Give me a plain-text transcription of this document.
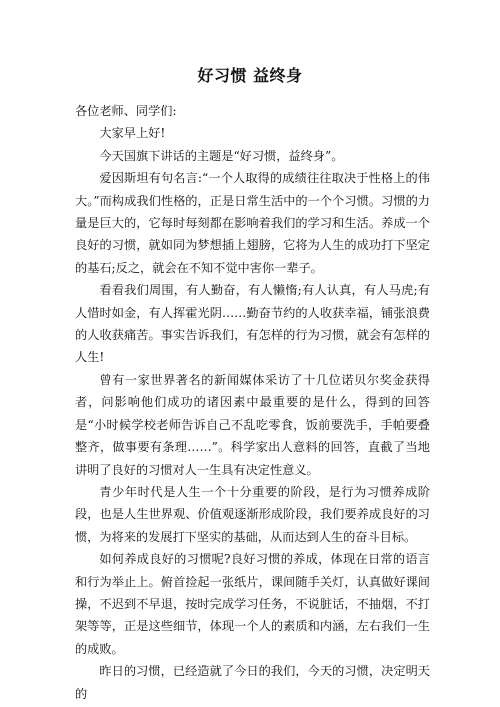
好习惯 益终身

各位老师、同学们:

大家早上好!

今天国旗下讲话的主题是“好习惯，益终身”。

爱因斯坦有句名言:“一个人取得的成绩往往取决于性格上的伟大。”而构成我们性格的，正是日常生活中的一个个习惯。习惯的力量是巨大的，它每时每刻都在影响着我们的学习和生活。养成一个良好的习惯，就如同为梦想插上翅膀，它将为人生的成功打下坚定的基石;反之，就会在不知不觉中害你一辈子。

看看我们周围，有人勤奋，有人懒惰;有人认真，有人马虎;有人惜时如金，有人挥霍光阴……勤奋节约的人收获幸福，铺张浪费的人收获痛苦。事实告诉我们，有怎样的行为习惯，就会有怎样的人生!

曾有一家世界著名的新闻媒体采访了十几位诺贝尔奖金获得者，问影响他们成功的诸因素中最重要的是什么，得到的回答是“小时候学校老师告诉自己不乱吃零食，饭前要洗手，手帕要叠整齐，做事要有条理……”。科学家出人意料的回答，直截了当地讲明了良好的习惯对人一生具有决定性意义。

青少年时代是人生一个十分重要的阶段，是行为习惯养成阶段，也是人生世界观、价值观逐渐形成阶段，我们要养成良好的习惯，为将来的发展打下坚实的基础，从而达到人生的奋斗目标。

如何养成良好的习惯呢?良好习惯的养成，体现在日常的语言和行为举止上。俯首捡起一张纸片，课间随手关灯，认真做好课间操，不迟到不早退，按时完成学习任务，不说脏话，不抽烟，不打架等等，正是这些细节，体现一个人的素质和内涵，左右我们一生的成败。

昨日的习惯，已经造就了今日的我们，今天的习惯，决定明天的
